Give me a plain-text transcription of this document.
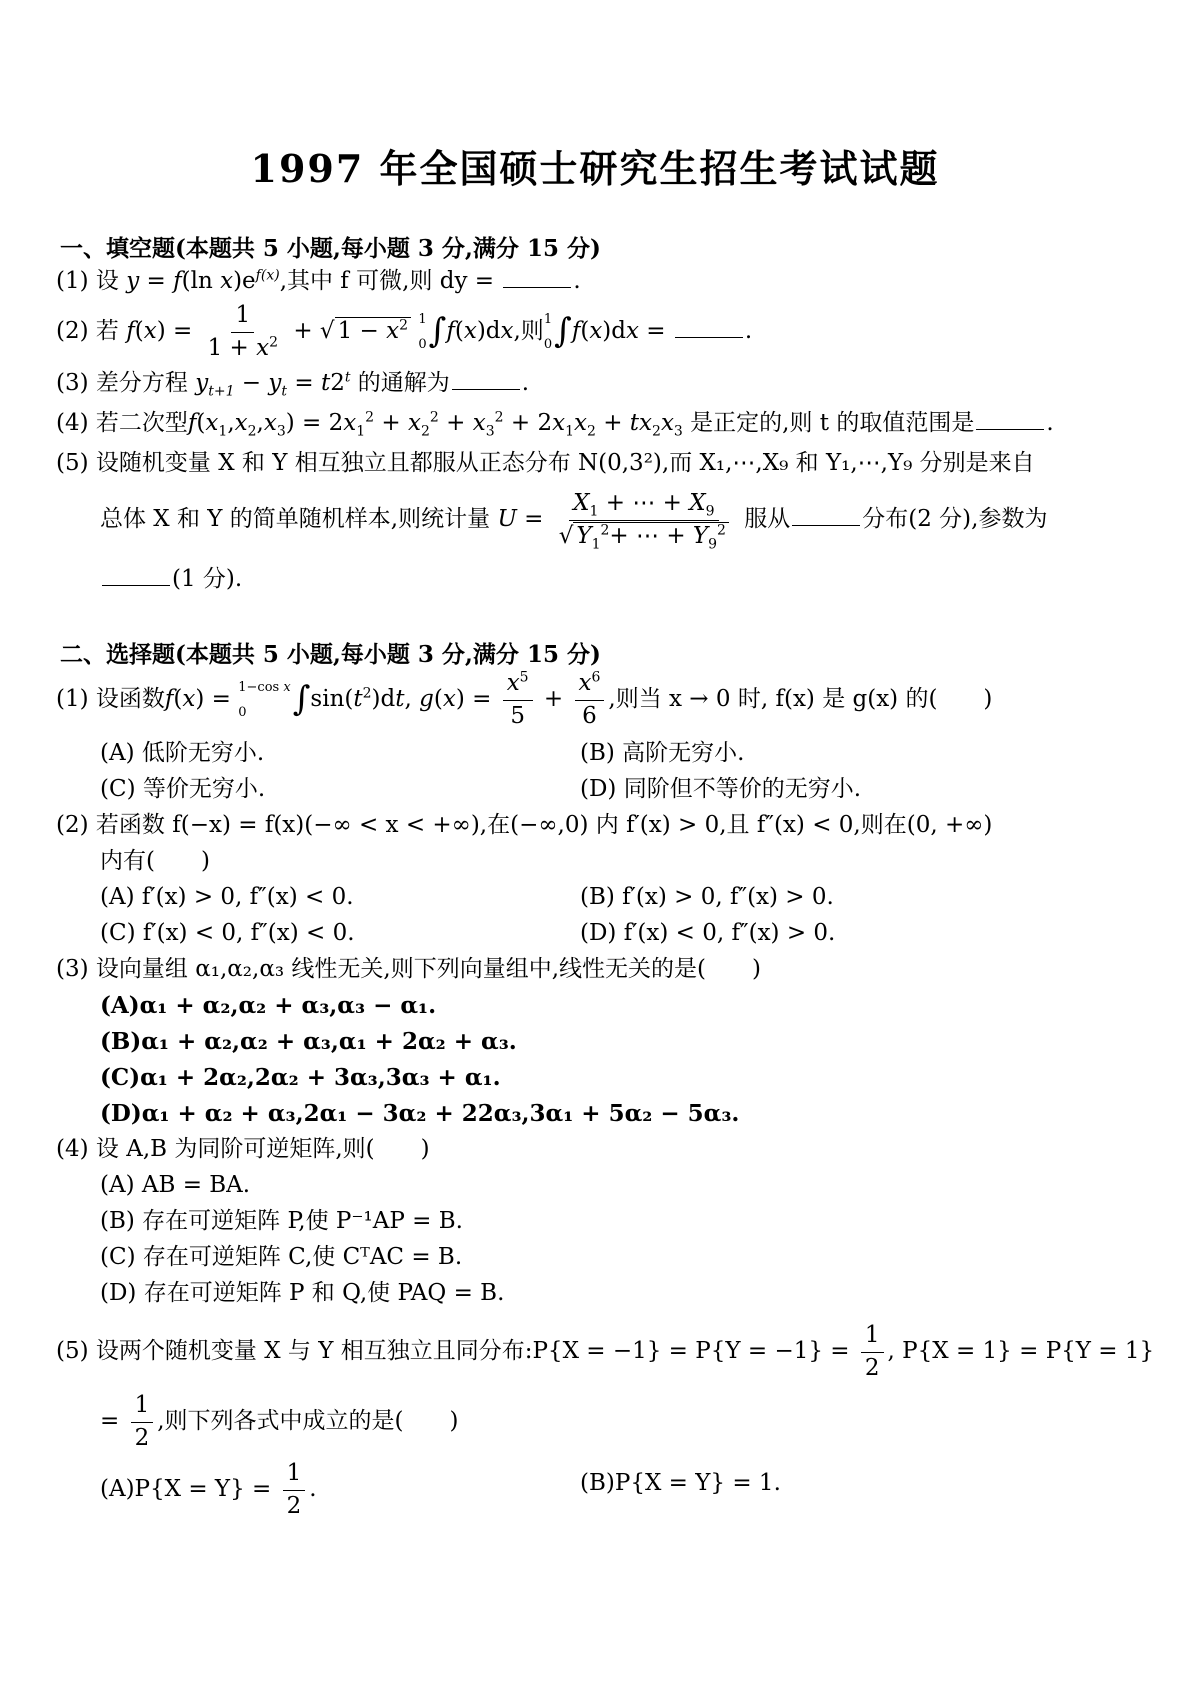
1997 年全国硕士研究生招生考试试题
一、填空题(本题共 5 小题,每小题 3 分,满分 15 分)
(1) 设 y = f(ln $x)e^{f(x)}$,其中 f 可微,则 dy =	.
(2) 若 $f(x) = \frac{1}{1 + x^2}$ + √ $1 - x^2$ 1
0 ∫f(x)dx,则 1
0 ∫f(x)dx =	.
(3) 差分方程 $y_{t+1} - y_t = t2^t$ 的通解为	.
(4) 若二次型$f(x_1,x_2,x_3) = 2x_1^2 + x_2^2 + x_3^2 + 2x_1x_2 + tx_2x_3$ 是正定的,则 t 的取值范围是	.
(5) 设随机变量 X 和 Y 相互独立且都服从正态分布 N(0,3²),而 X₁,⋯,X₉ 和 Y₁,⋯,Y₉ 分别是来自
总体 X 和 Y 的简单随机样本,则统计量 $U = \frac{X_1 + \cdots + X_9}{√ Y_1^2+ \cdots + Y_9^2}$ 服从	分布(2 分),参数为
(1 分).
二、选择题(本题共 5 小题,每小题 3 分,满分 15 分)
(1) 设函数f(x) = 1−cos x
0	$\int\sin(t^2)dt$, $g(x) = \frac{x^5}{5} + \frac{x^6}{6}$ ,则当 x → 0 时, f(x) 是 g(x) 的(　　)
(A) 低阶无穷小.	(B) 高阶无穷小.
(C) 等价无穷小.	(D) 同阶但不等价的无穷小.
(2) 若函数 f(−x) = f(x)(−∞ < x < +∞),在(−∞,0) 内 f′(x) > 0,且 f″(x) < 0,则在(0, +∞)
内有(　　)
(A) f′(x) > 0, f″(x) < 0.	(B) f′(x) > 0, f″(x) > 0.
(C) f′(x) < 0, f″(x) < 0.	(D) f′(x) < 0, f″(x) > 0.
(3) 设向量组 α₁,α₂,α₃ 线性无关,则下列向量组中,线性无关的是(　　)
(A)α₁ + α₂,α₂ + α₃,α₃ − α₁.
(B)α₁ + α₂,α₂ + α₃,α₁ + 2α₂ + α₃.
(C)α₁ + 2α₂,2α₂ + 3α₃,3α₃ + α₁.
(D)α₁ + α₂ + α₃,2α₁ − 3α₂ + 22α₃,3α₁ + 5α₂ − 5α₃.
(4) 设 A,B 为同阶可逆矩阵,则(　　)
(A) AB = BA.
(B) 存在可逆矩阵 P,使 P⁻¹AP = B.
(C) 存在可逆矩阵 C,使 CᵀAC = B.
(D) 存在可逆矩阵 P 和 Q,使 PAQ = B.
(5) 设两个随机变量 X 与 Y 相互独立且同分布:P{X = $-1\} = P\{Y = -1\} = \frac{1}{2}$ , P{X = 1} = P{Y = 1}
= $\frac{1}{2}$ ,则下列各式中成立的是(　　)
$(A)P\{X = Y\} = \frac{1}{2}$ .	(B)P{X = Y} = 1.
